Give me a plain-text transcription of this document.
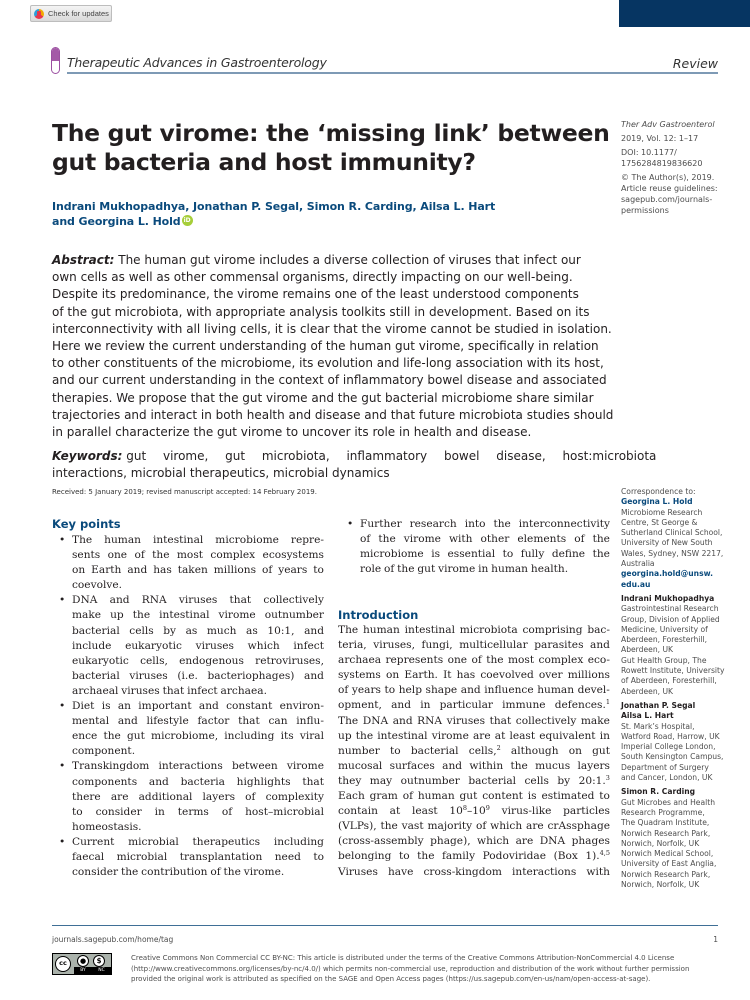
Check for updates
Therapeutic Advances in Gastroenterology	Review
The gut virome: the ‘missing link’ between
gut bacteria and host immunity?
Indrani Mukhopadhya, Jonathan P. Segal, Simon R. Carding, Ailsa L. Hart
and Georgina L. Hold iD
Ther Adv Gastroenterol
2019, Vol. 12: 1–17
DOI: 10.1177/
1756284819836620
© The Author(s), 2019.
Article reuse guidelines:
sagepub.com/journals-
permissions
Abstract: The human gut virome includes a diverse collection of viruses that infect our
own cells as well as other commensal organisms, directly impacting on our well-being.
Despite its predominance, the virome remains one of the least understood components
of the gut microbiota, with appropriate analysis toolkits still in development. Based on its
interconnectivity with all living cells, it is clear that the virome cannot be studied in isolation.
Here we review the current understanding of the human gut virome, specifically in relation
to other constituents of the microbiome, its evolution and life-long association with its host,
and our current understanding in the context of inflammatory bowel disease and associated
therapies. We propose that the gut virome and the gut bacterial microbiome share similar
trajectories and interact in both health and disease and that future microbiota studies should
in parallel characterize the gut virome to uncover its role in health and disease.
Keywords: gut virome, gut microbiota, inflammatory bowel disease, host:microbiota
interactions, microbial therapeutics, microbial dynamics
Received: 5 January 2019; revised manuscript accepted: 14 February 2019.
Key points
• The human intestinal microbiome repre-
sents one of the most complex ecosystems
on Earth and has taken millions of years to
coevolve.
• DNA and RNA viruses that collectively
make up the intestinal virome outnumber
bacterial cells by as much as 10:1, and
include eukaryotic viruses which infect
eukaryotic cells, endogenous retroviruses,
bacterial viruses (i.e. bacteriophages) and
archaeal viruses that infect archaea.
• Diet is an important and constant environ-
mental and lifestyle factor that can influ-
ence the gut microbiome, including its viral
component.
• Transkingdom interactions between virome
components and bacteria highlights that
there are additional layers of complexity
to consider in terms of host–microbial
homeostasis.
• Current microbial therapeutics including
faecal microbial transplantation need to
consider the contribution of the virome.
• Further research into the interconnectivity
of the virome with other elements of the
microbiome is essential to fully define the
role of the gut virome in human health.
Introduction
The human intestinal microbiota comprising bac-
teria, viruses, fungi, multicellular parasites and
archaea represents one of the most complex eco-
systems on Earth. It has coevolved over millions
of years to help shape and influence human devel-
opment, and in particular immune defences.$^1$
The DNA and RNA viruses that collectively make
up the intestinal virome are at least equivalent in
number to bacterial cells,$^2$ although on gut
mucosal surfaces and within the mucus layers
they may outnumber bacterial cells by 20:1.$^3$
Each gram of human gut content is estimated to
contain at least $10^8-10^9$ virus-like particles
(VLPs), the vast majority of which are crAssphage
(cross-assembly phage), which are DNA phages
belonging to the family Podoviridae (Box 1).$^{4,5}$
Viruses have cross-kingdom interactions with
Correspondence to:
Georgina L. Hold
Microbiome Research
Centre, St George &
Sutherland Clinical School,
University of New South
Wales, Sydney, NSW 2217,
Australia
georgina.hold@unsw.
edu.au
Indrani Mukhopadhya
Gastrointestinal Research
Group, Division of Applied
Medicine, University of
Aberdeen, Foresterhill,
Aberdeen, UK
Gut Health Group, The
Rowett Institute, University
of Aberdeen, Foresterhill,
Aberdeen, UK
Jonathan P. Segal
Ailsa L. Hart
St. Mark’s Hospital,
Watford Road, Harrow, UK
Imperial College London,
South Kensington Campus,
Department of Surgery
and Cancer, London, UK
Simon R. Carding
Gut Microbes and Health
Research Programme,
The Quadram Institute,
Norwich Research Park,
Norwich, Norfolk, UK
Norwich Medical School,
University of East Anglia,
Norwich Research Park,
Norwich, Norfolk, UK
journals.sagepub.com/home/tag	1
cc	●	$
BY	NC
Creative Commons Non Commercial CC BY-NC: This article is distributed under the terms of the Creative Commons Attribution-NonCommercial 4.0 License
(http://www.creativecommons.org/licenses/by-nc/4.0/) which permits non-commercial use, reproduction and distribution of the work without further permission
provided the original work is attributed as specified on the SAGE and Open Access pages (https://us.sagepub.com/en-us/nam/open-access-at-sage).
